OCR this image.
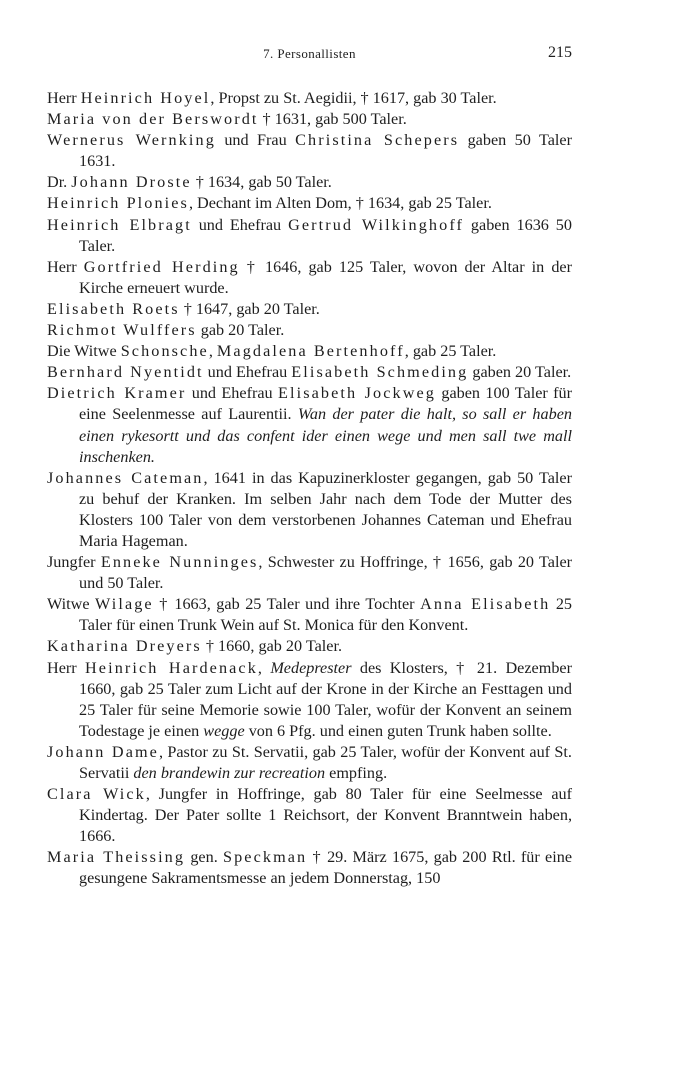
7. Personallisten	215
Herr Heinrich Hoyel, Propst zu St. Aegidii, † 1617, gab 30 Taler.
Maria von der Berswordt † 1631, gab 500 Taler.
Wernerus Wernking und Frau Christina Schepers gaben 50 Taler 1631.
Dr. Johann Droste † 1634, gab 50 Taler.
Heinrich Plonies, Dechant im Alten Dom, † 1634, gab 25 Taler.
Heinrich Elbragt und Ehefrau Gertrud Wilkinghoff gaben 1636 50 Taler.
Herr Gortfried Herding † 1646, gab 125 Taler, wovon der Altar in der Kirche erneuert wurde.
Elisabeth Roets † 1647, gab 20 Taler.
Richmot Wulffers gab 20 Taler.
Die Witwe Schonsche, Magdalena Bertenhoff, gab 25 Taler.
Bernhard Nyentidt und Ehefrau Elisabeth Schmeding gaben 20 Taler.
Dietrich Kramer und Ehefrau Elisabeth Jockweg gaben 100 Taler für eine Seelenmesse auf Laurentii. Wan der pater die halt, so sall er haben einen rykesortt und das confent ider einen wege und men sall twe mall inschenken.
Johannes Cateman, 1641 in das Kapuzinerkloster gegangen, gab 50 Taler zu behuf der Kranken. Im selben Jahr nach dem Tode der Mutter des Klosters 100 Taler von dem verstorbenen Johannes Cateman und Ehefrau Maria Hageman.
Jungfer Enneke Nunninges, Schwester zu Hoffringe, † 1656, gab 20 Taler und 50 Taler.
Witwe Wilage † 1663, gab 25 Taler und ihre Tochter Anna Elisabeth 25 Taler für einen Trunk Wein auf St. Monica für den Konvent.
Katharina Dreyers † 1660, gab 20 Taler.
Herr Heinrich Hardenack, Medeprester des Klosters, † 21. Dezember 1660, gab 25 Taler zum Licht auf der Krone in der Kirche an Festtagen und 25 Taler für seine Memorie sowie 100 Taler, wofür der Konvent an seinem Todestage je einen wegge von 6 Pfg. und einen guten Trunk haben sollte.
Johann Dame, Pastor zu St. Servatii, gab 25 Taler, wofür der Konvent auf St. Servatii den brandewin zur recreation empfing.
Clara Wick, Jungfer in Hoffringe, gab 80 Taler für eine Seelmesse auf Kindertag. Der Pater sollte 1 Reichsort, der Konvent Branntwein haben, 1666.
Maria Theissing gen. Speckman † 29. März 1675, gab 200 Rtl. für eine gesungene Sakramentsmesse an jedem Donnerstag, 150
